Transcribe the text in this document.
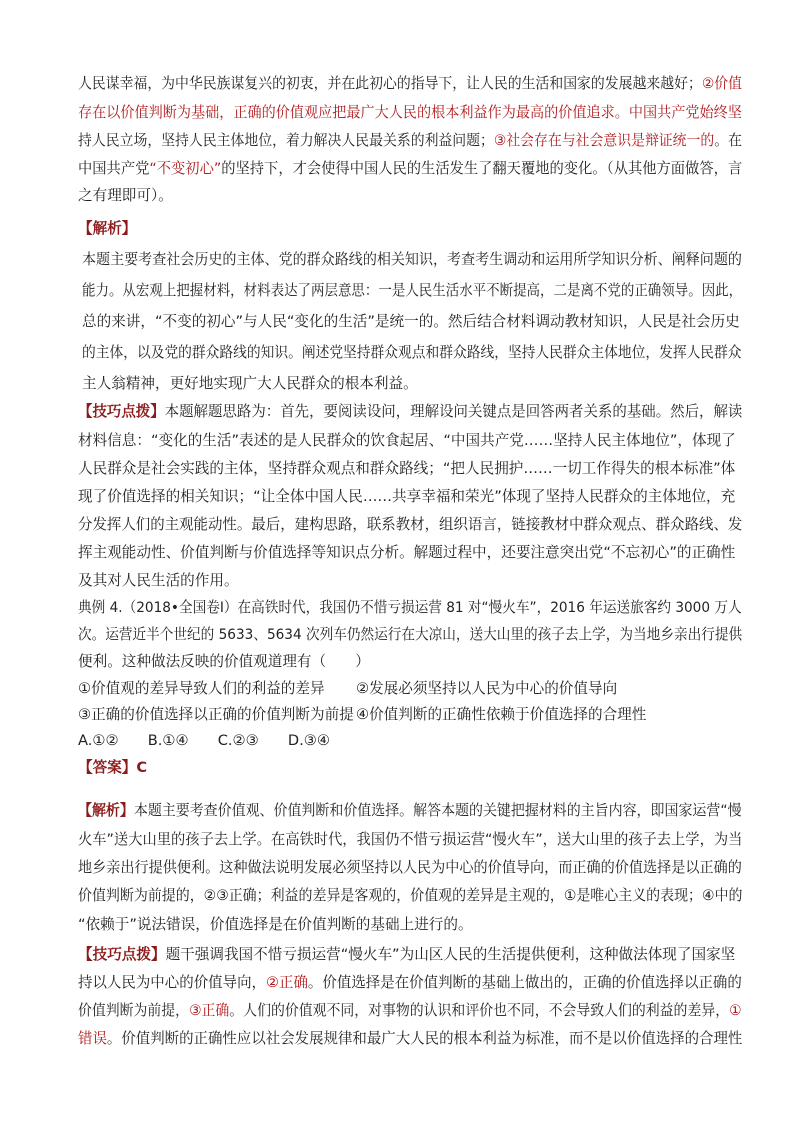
人民谋幸福，为中华民族谋复兴的初衷，并在此初心的指导下，让人民的生活和国家的发展越来越好；②价值
存在以价值判断为基础，正确的价值观应把最广大人民的根本利益作为最高的价值追求。中国共产党始终坚
持人民立场，坚持人民主体地位，着力解决人民最关系的利益问题；③社会存在与社会意识是辩证统一的。在
中国共产党“不变初心”的坚持下，才会使得中国人民的生活发生了翻天覆地的变化。（从其他方面做答，言
之有理即可）。
【解析】
本题主要考查社会历史的主体、党的群众路线的相关知识，考查考生调动和运用所学知识分析、阐释问题的
能力。从宏观上把握材料，材料表达了两层意思：一是人民生活水平不断提高，二是离不党的正确领导。因此，
总的来讲，“不变的初心”与人民“变化的生活”是统一的。然后结合材料调动教材知识，人民是社会历史
的主体，以及党的群众路线的知识。阐述党坚持群众观点和群众路线，坚持人民群众主体地位，发挥人民群众
主人翁精神，更好地实现广大人民群众的根本利益。
【技巧点拨】本题解题思路为：首先，要阅读设问，理解设问关键点是回答两者关系的基础。然后，解读
材料信息：“变化的生活”表述的是人民群众的饮食起居、“中国共产党……坚持人民主体地位”，体现了
人民群众是社会实践的主体，坚持群众观点和群众路线；“把人民拥护……一切工作得失的根本标准”体
现了价值选择的相关知识；“让全体中国人民……共享幸福和荣光”体现了坚持人民群众的主体地位，充
分发挥人们的主观能动性。最后，建构思路，联系教材，组织语言，链接教材中群众观点、群众路线、发
挥主观能动性、价值判断与价值选择等知识点分析。解题过程中，还要注意突出党“不忘初心”的正确性
及其对人民生活的作用。
典例 4.（2018•全国卷Ⅰ）在高铁时代，我国仍不惜亏损运营 81 对“慢火车”，2016 年运送旅客约 3000 万人
次。运营近半个世纪的 5633、5634 次列车仍然运行在大凉山，送大山里的孩子去上学，为当地乡亲出行提供
便利。这种做法反映的价值观道理有（　　）
①价值观的差异导致人们的利益的差异 ②发展必须坚持以人民为中心的价值导向
③正确的价值选择以正确的价值判断为前提 ④价值判断的正确性依赖于价值选择的合理性
A.①②　　B.①④　　C.②③　　D.③④
【答案】C
【解析】本题主要考查价值观、价值判断和价值选择。解答本题的关键把握材料的主旨内容，即国家运营“慢
火车”送大山里的孩子去上学。在高铁时代，我国仍不惜亏损运营“慢火车”，送大山里的孩子去上学，为当
地乡亲出行提供便利。这种做法说明发展必须坚持以人民为中心的价值导向，而正确的价值选择是以正确的
价值判断为前提的，②③正确；利益的差异是客观的，价值观的差异是主观的，①是唯心主义的表现；④中的
“依赖于”说法错误，价值选择是在价值判断的基础上进行的。
【技巧点拨】题干强调我国不惜亏损运营“慢火车”为山区人民的生活提供便利，这种做法体现了国家坚
持以人民为中心的价值导向，②正确。价值选择是在价值判断的基础上做出的，正确的价值选择以正确的
价值判断为前提，③正确。人们的价值观不同，对事物的认识和评价也不同，不会导致人们的利益的差异，①
错误。价值判断的正确性应以社会发展规律和最广大人民的根本利益为标准，而不是以价值选择的合理性
